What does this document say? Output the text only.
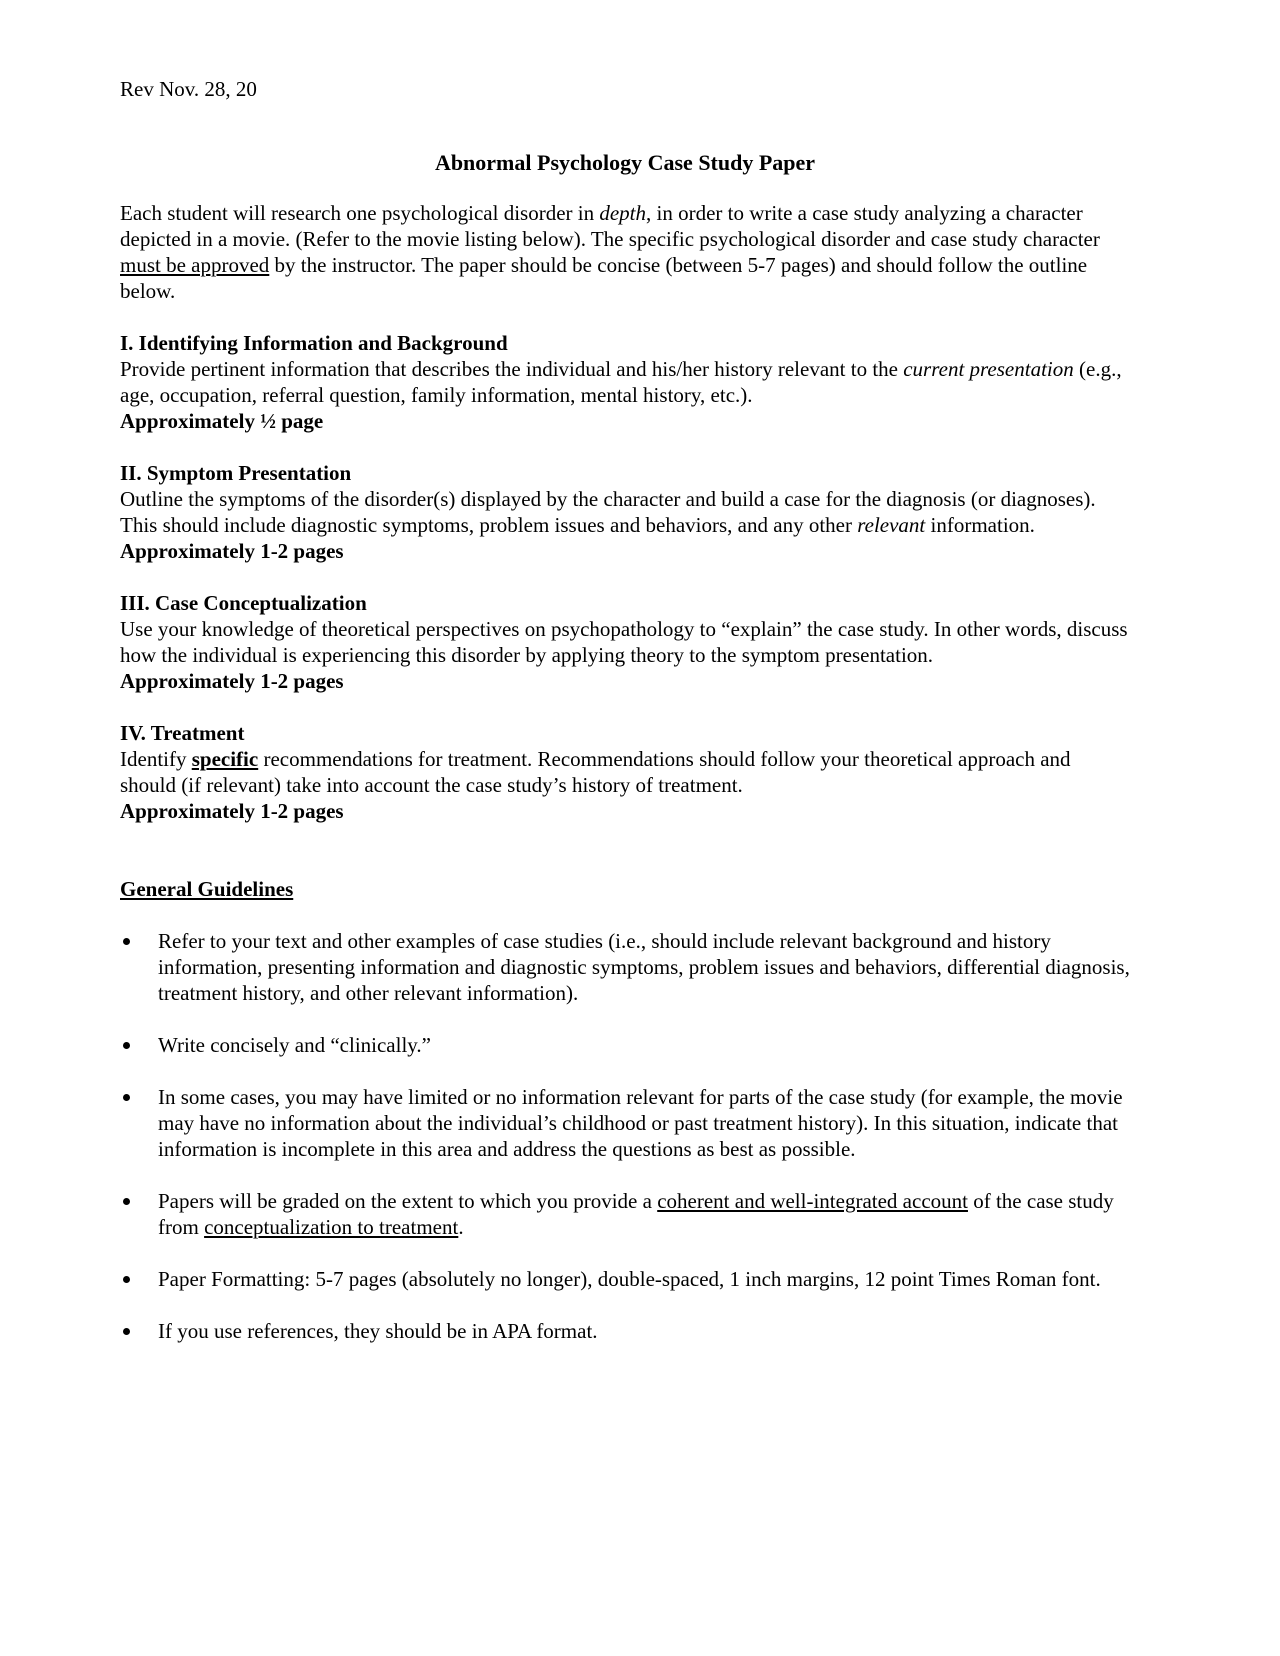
Rev Nov. 28, 20

Abnormal Psychology Case Study Paper

Each student will research one psychological disorder in depth, in order to write a case study analyzing a character depicted in a movie. (Refer to the movie listing below). The specific psychological disorder and case study character must be approved by the instructor. The paper should be concise (between 5-7 pages) and should follow the outline below.

I. Identifying Information and Background

Provide pertinent information that describes the individual and his/her history relevant to the current presentation (e.g., age, occupation, referral question, family information, mental history, etc.).

Approximately ½ page

II. Symptom Presentation

Outline the symptoms of the disorder(s) displayed by the character and build a case for the diagnosis (or diagnoses). This should include diagnostic symptoms, problem issues and behaviors, and any other relevant information.

Approximately 1-2 pages

III. Case Conceptualization

Use your knowledge of theoretical perspectives on psychopathology to “explain” the case study. In other words, discuss how the individual is experiencing this disorder by applying theory to the symptom presentation.

Approximately 1-2 pages

IV. Treatment

Identify specific recommendations for treatment. Recommendations should follow your theoretical approach and should (if relevant) take into account the case study’s history of treatment.

Approximately 1-2 pages

General Guidelines

Refer to your text and other examples of case studies (i.e., should include relevant background and history information, presenting information and diagnostic symptoms, problem issues and behaviors, differential diagnosis, treatment history, and other relevant information).
Write concisely and “clinically.”
In some cases, you may have limited or no information relevant for parts of the case study (for example, the movie may have no information about the individual’s childhood or past treatment history). In this situation, indicate that information is incomplete in this area and address the questions as best as possible.
Papers will be graded on the extent to which you provide a coherent and well-integrated account of the case study from conceptualization to treatment.
Paper Formatting: 5-7 pages (absolutely no longer), double-spaced, 1 inch margins, 12 point Times Roman font.
If you use references, they should be in APA format.
